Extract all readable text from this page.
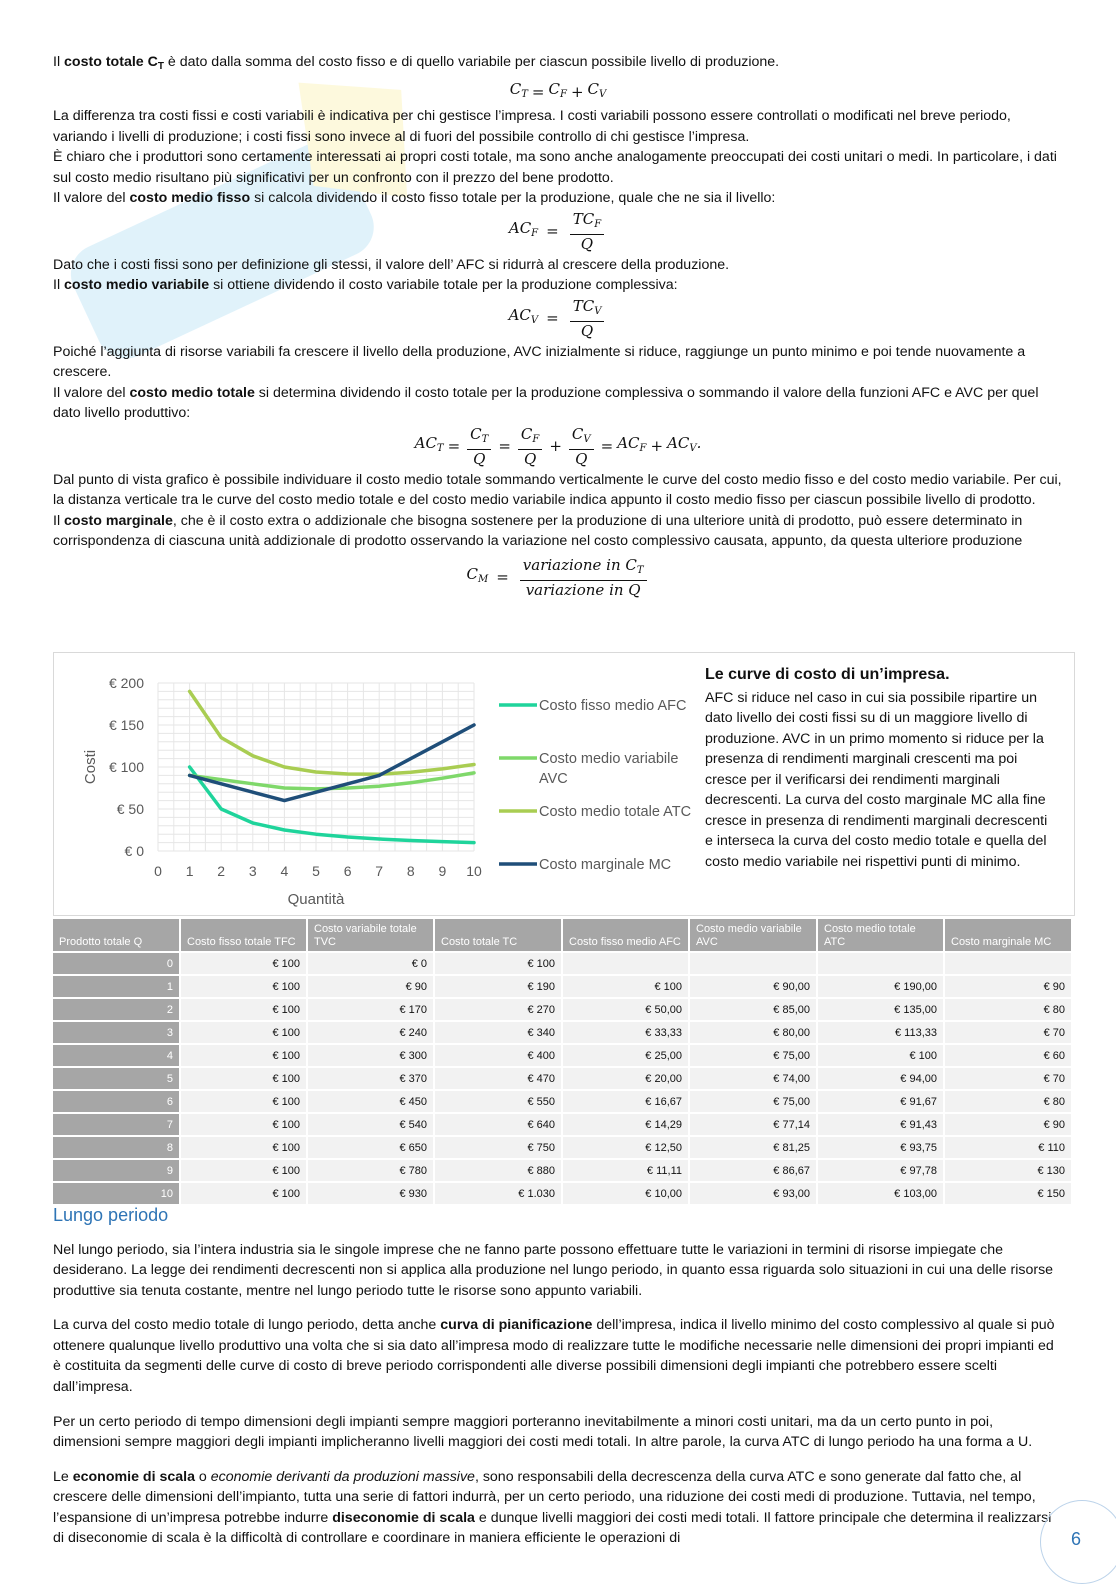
Il costo totale $C_T$ è dato dalla somma del costo fisso e di quello variabile per ciascun possibile livello di produzione.

$C_T = C_F + C_V$

La differenza tra costi fissi e costi variabili è indicativa per chi gestisce l’impresa. I costi variabili possono essere controllati o modificati nel breve periodo, variando i livelli di produzione; i costi fissi sono invece al di fuori del possibile controllo di chi gestisce l’impresa.

È chiaro che i produttori sono certamente interessati ai propri costi totale, ma sono anche analogamente preoccupati dei costi unitari o medi. In particolare, i dati sul costo medio risultano più significativi per un confronto con il prezzo del bene prodotto.

Il valore del costo medio fisso si calcola dividendo il costo fisso totale per la produzione, quale che ne sia il livello:

$AC_F = \frac{TC_F}{Q}$

Dato che i costi fissi sono per definizione gli stessi, il valore dell’ AFC si ridurrà al crescere della produzione.

Il costo medio variabile si ottiene dividendo il costo variabile totale per la produzione complessiva:

$AC_V = \frac{TC_V}{Q}$

Poiché l’aggiunta di risorse variabili fa crescere il livello della produzione, AVC inizialmente si riduce, raggiunge un punto minimo e poi tende nuovamente a crescere.

Il valore del costo medio totale si determina dividendo il costo totale per la produzione complessiva o sommando il valore della funzioni AFC e AVC per quel dato livello produttivo:

$AC_T = \frac{C_T}{Q} = \frac{C_F}{Q} + \frac{C_V}{Q} = AC_F + AC_V$.

Dal punto di vista grafico è possibile individuare il costo medio totale sommando verticalmente le curve del costo medio fisso e del costo medio variabile. Per cui, la distanza verticale tra le curve del costo medio totale e del costo medio variabile indica appunto il costo medio fisso per ciascun possibile livello di prodotto.

Il costo marginale, che è il costo extra o addizionale che bisogna sostenere per la produzione di una ulteriore unità di prodotto, può essere determinato in corrispondenza di ciascuna unità addizionale di prodotto osservando la variazione nel costo complessivo causata, appunto, da questa ulteriore produzione

$C_M = \frac{variazione in C_T}{\text{variazione in Q}}$
€ 0
€ 50
€ 100
€ 150
€ 200
0 1 2 3 4 5 6 7 8 9 10
Quantità
Costi
Costo fisso medio AFC
Costo medio variabile AVC
Costo medio totale ATC
Costo marginale MC
Le curve di costo di un’impresa.
AFC si riduce nel caso in cui sia possibile ripartire un dato livello dei costi fissi su di un maggiore livello di produzione. AVC in un primo momento si riduce per la presenza di rendimenti marginali crescenti ma poi cresce per il verificarsi dei rendimenti marginali decrescenti. La curva del costo marginale MC alla fine cresce in presenza di rendimenti marginali decrescenti e interseca la curva del costo medio totale e quella del costo medio variabile nei rispettivi punti di minimo.
Prodotto totale Q	Costo fisso totale TFC	Costo variabile totale TVC	Costo totale TC	Costo fisso medio AFC	Costo medio variabile AVC	Costo medio totale ATC	Costo marginale MC
0	€ 100	€ 0	€ 100				
1	€ 100	€ 90	€ 190	€ 100	€ 90,00	€ 190,00	€ 90
2	€ 100	€ 170	€ 270	€ 50,00	€ 85,00	€ 135,00	€ 80
3	€ 100	€ 240	€ 340	€ 33,33	€ 80,00	€ 113,33	€ 70
4	€ 100	€ 300	€ 400	€ 25,00	€ 75,00	€ 100	€ 60
5	€ 100	€ 370	€ 470	€ 20,00	€ 74,00	€ 94,00	€ 70
6	€ 100	€ 450	€ 550	€ 16,67	€ 75,00	€ 91,67	€ 80
7	€ 100	€ 540	€ 640	€ 14,29	€ 77,14	€ 91,43	€ 90
8	€ 100	€ 650	€ 750	€ 12,50	€ 81,25	€ 93,75	€ 110
9	€ 100	€ 780	€ 880	€ 11,11	€ 86,67	€ 97,78	€ 130
10	€ 100	€ 930	€ 1.030	€ 10,00	€ 93,00	€ 103,00	€ 150
Lungo periodo

Nel lungo periodo, sia l’intera industria sia le singole imprese che ne fanno parte possono effettuare tutte le variazioni in termini di risorse impiegate che desiderano. La legge dei rendimenti decrescenti non si applica alla produzione nel lungo periodo, in quanto essa riguarda solo situazioni in cui una delle risorse produttive sia tenuta costante, mentre nel lungo periodo tutte le risorse sono appunto variabili.

La curva del costo medio totale di lungo periodo, detta anche curva di pianificazione dell’impresa, indica il livello minimo del costo complessivo al quale si può ottenere qualunque livello produttivo una volta che si sia dato all’impresa modo di realizzare tutte le modifiche necessarie nelle dimensioni dei propri impianti ed è costituita da segmenti delle curve di costo di breve periodo corrispondenti alle diverse possibili dimensioni degli impianti che potrebbero essere scelti dall’impresa.

Per un certo periodo di tempo dimensioni degli impianti sempre maggiori porteranno inevitabilmente a minori costi unitari, ma da un certo punto in poi, dimensioni sempre maggiori degli impianti implicheranno livelli maggiori dei costi medi totali. In altre parole, la curva ATC di lungo periodo ha una forma a U.

Le economie di scala o economie derivanti da produzioni massive, sono responsabili della decrescenza della curva ATC e sono generate dal fatto che, al crescere delle dimensioni dell’impianto, tutta una serie di fattori indurrà, per un certo periodo, una riduzione dei costi medi di produzione. Tuttavia, nel tempo, l’espansione di un’impresa potrebbe indurre diseconomie di scala e dunque livelli maggiori dei costi medi totali. Il fattore principale che determina il realizzarsi di diseconomie di scala è la difficoltà di controllare e coordinare in maniera efficiente le operazioni di	6
